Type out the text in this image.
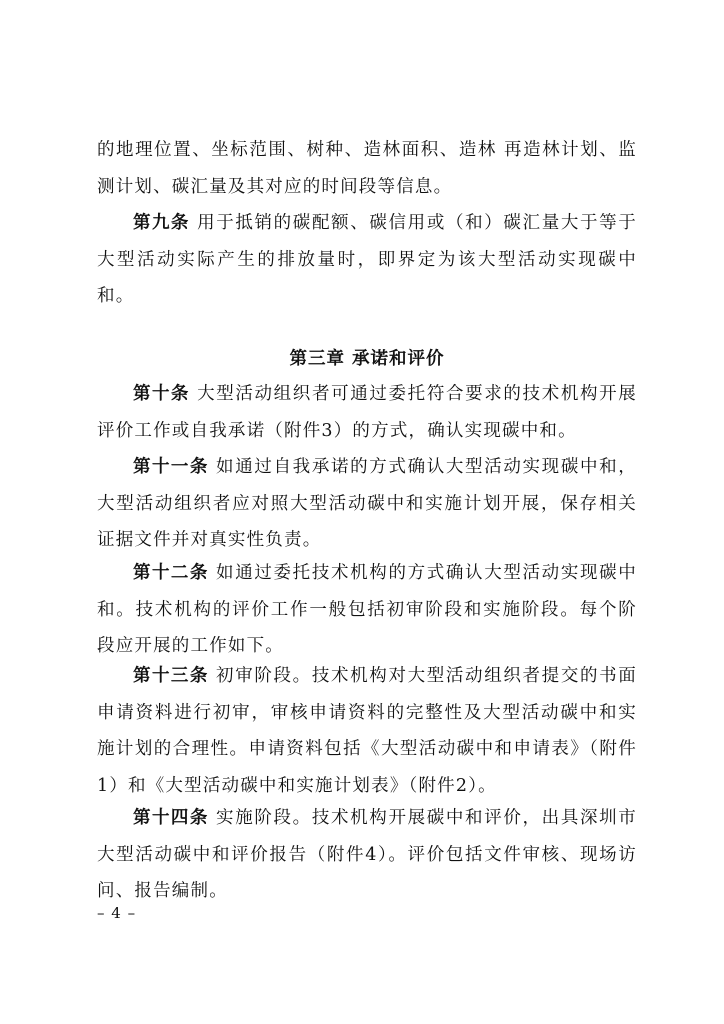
的地理位置、坐标范围、树种、造林面积、造林 再造林计划、监测计划、碳汇量及其对应的时间段等信息。

第九条 用于抵销的碳配额、碳信用或（和）碳汇量大于等于大型活动实际产生的排放量时，即界定为该大型活动实现碳中和。

第三章 承诺和评价

第十条 大型活动组织者可通过委托符合要求的技术机构开展评价工作或自我承诺（附件3）的方式，确认实现碳中和。

第十一条 如通过自我承诺的方式确认大型活动实现碳中和，大型活动组织者应对照大型活动碳中和实施计划开展，保存相关证据文件并对真实性负责。

第十二条 如通过委托技术机构的方式确认大型活动实现碳中和。技术机构的评价工作一般包括初审阶段和实施阶段。每个阶段应开展的工作如下。

第十三条 初审阶段。技术机构对大型活动组织者提交的书面申请资料进行初审，审核申请资料的完整性及大型活动碳中和实施计划的合理性。申请资料包括《大型活动碳中和申请表》（附件1）和《大型活动碳中和实施计划表》（附件2）。

第十四条 实施阶段。技术机构开展碳中和评价，出具深圳市大型活动碳中和评价报告（附件4）。评价包括文件审核、现场访问、报告编制。

– 4 –
